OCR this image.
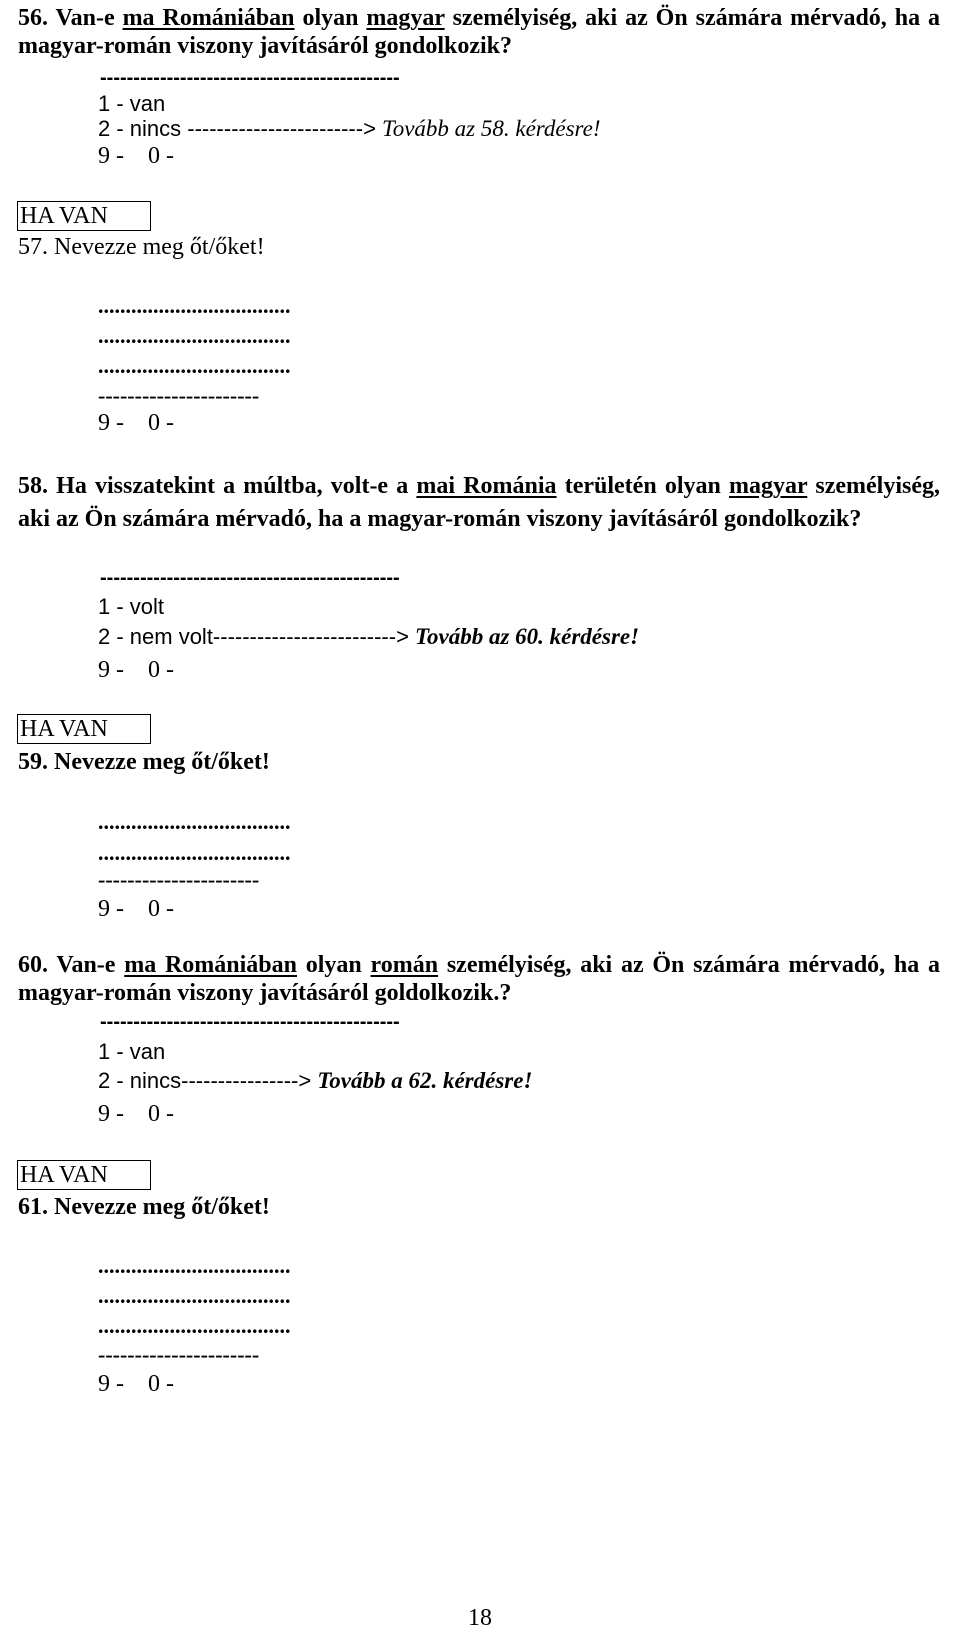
56. Van-e ma Romániában olyan magyar személyiség, aki az Ön számára mérvadó, ha a magyar-román viszony javításáról gondolkozik?
---------------------------------------------
1 - van
2 - nincs ------------------------> Tovább az 58. kérdésre!
9 -    0 -
HA VAN
57. Nevezze meg őt/őket!
...................................
...................................
...................................
----------------------
9 -    0 -
58. Ha visszatekint a múltba, volt-e a mai Románia területén olyan magyar személyiség, aki az Ön számára mérvadó, ha a magyar-román viszony javításáról gondolkozik?
---------------------------------------------
1 - volt
2 - nem volt-------------------------> Tovább az 60. kérdésre!
9 -    0 -
HA VAN
59. Nevezze meg őt/őket!
...................................
...................................
----------------------
9 -    0 -
60. Van-e ma Romániában olyan román személyiség, aki az Ön számára mérvadó, ha a magyar-román viszony javításáról goldolkozik.?
---------------------------------------------
1 - van
2 - nincs----------------> Tovább a 62. kérdésre!
9 -    0 -
HA VAN
61. Nevezze meg őt/őket!
...................................
...................................
...................................
----------------------
9 -    0 -
18
